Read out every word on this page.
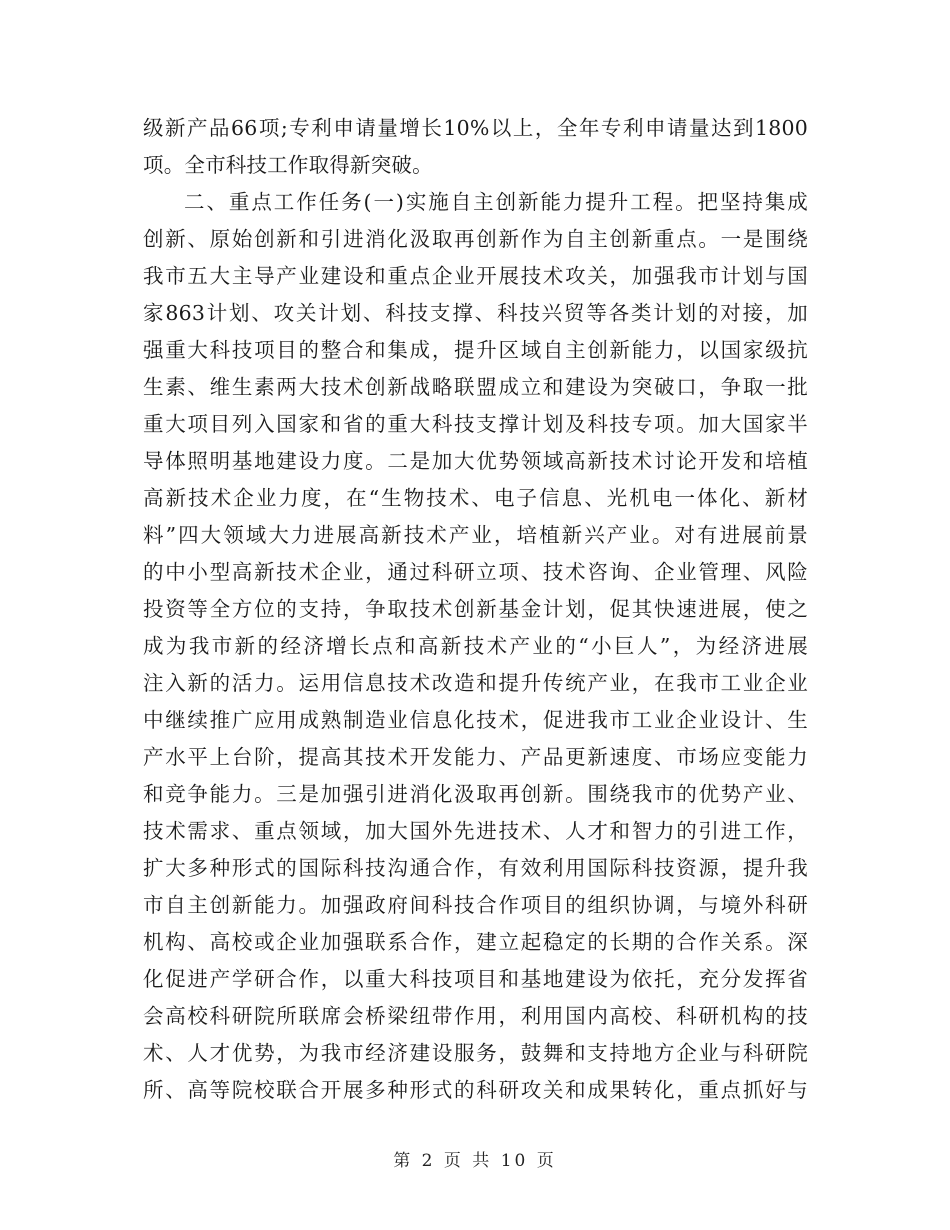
级新产品66项;专利申请量增长10%以上，全年专利申请量达到1800
项。全市科技工作取得新突破。
二、重点工作任务(一)实施自主创新能力提升工程。把坚持集成
创新、原始创新和引进消化汲取再创新作为自主创新重点。一是围绕
我市五大主导产业建设和重点企业开展技术攻关，加强我市计划与国
家863计划、攻关计划、科技支撑、科技兴贸等各类计划的对接，加
强重大科技项目的整合和集成，提升区域自主创新能力，以国家级抗
生素、维生素两大技术创新战略联盟成立和建设为突破口，争取一批
重大项目列入国家和省的重大科技支撑计划及科技专项。加大国家半
导体照明基地建设力度。二是加大优势领域高新技术讨论开发和培植
高新技术企业力度，在“生物技术、电子信息、光机电一体化、新材
料”四大领域大力进展高新技术产业，培植新兴产业。对有进展前景
的中小型高新技术企业，通过科研立项、技术咨询、企业管理、风险
投资等全方位的支持，争取技术创新基金计划，促其快速进展，使之
成为我市新的经济增长点和高新技术产业的“小巨人”，为经济进展
注入新的活力。运用信息技术改造和提升传统产业，在我市工业企业
中继续推广应用成熟制造业信息化技术，促进我市工业企业设计、生
产水平上台阶，提高其技术开发能力、产品更新速度、市场应变能力
和竞争能力。三是加强引进消化汲取再创新。围绕我市的优势产业、
技术需求、重点领域，加大国外先进技术、人才和智力的引进工作，
扩大多种形式的国际科技沟通合作，有效利用国际科技资源，提升我
市自主创新能力。加强政府间科技合作项目的组织协调，与境外科研
机构、高校或企业加强联系合作，建立起稳定的长期的合作关系。深
化促进产学研合作，以重大科技项目和基地建设为依托，充分发挥省
会高校科研院所联席会桥梁纽带作用，利用国内高校、科研机构的技
术、人才优势，为我市经济建设服务，鼓舞和支持地方企业与科研院
所、高等院校联合开展多种形式的科研攻关和成果转化，重点抓好与
第 2 页 共 10 页
